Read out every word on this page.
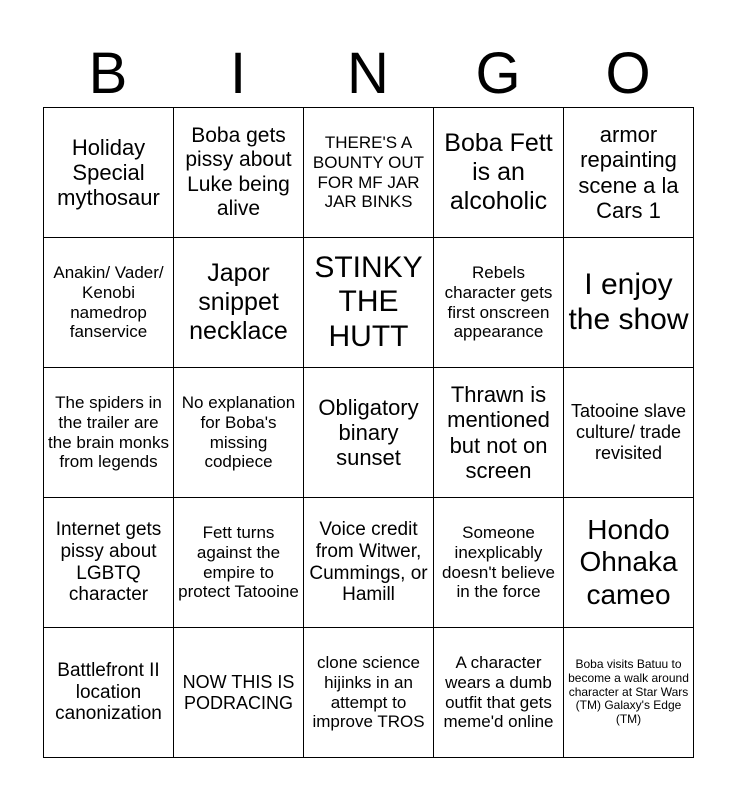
B	I	N	G	O
Holiday Special mythosaur	Boba gets pissy about Luke being alive	THERE'S A BOUNTY OUT FOR MF JAR JAR BINKS	Boba Fett is an alcoholic	armor repainting scene a la Cars 1
Anakin/ Vader/ Kenobi namedrop fanservice	Japor snippet necklace	STINKY THE HUTT	Rebels character gets first onscreen appearance	I enjoy the show
The spiders in the trailer are the brain monks from legends	No explanation for Boba's missing codpiece	Obligatory binary sunset	Thrawn is mentioned but not on screen	Tatooine slave culture/ trade revisited
Internet gets pissy about LGBTQ character	Fett turns against the empire to protect Tatooine	Voice credit from Witwer, Cummings, or Hamill	Someone inexplicably doesn't believe in the force	Hondo Ohnaka cameo
Battlefront II location canonization	NOW THIS IS PODRACING	clone science hijinks in an attempt to improve TROS	A character wears a dumb outfit that gets meme'd online	Boba visits Batuu to become a walk around character at Star Wars (TM) Galaxy's Edge (TM)
